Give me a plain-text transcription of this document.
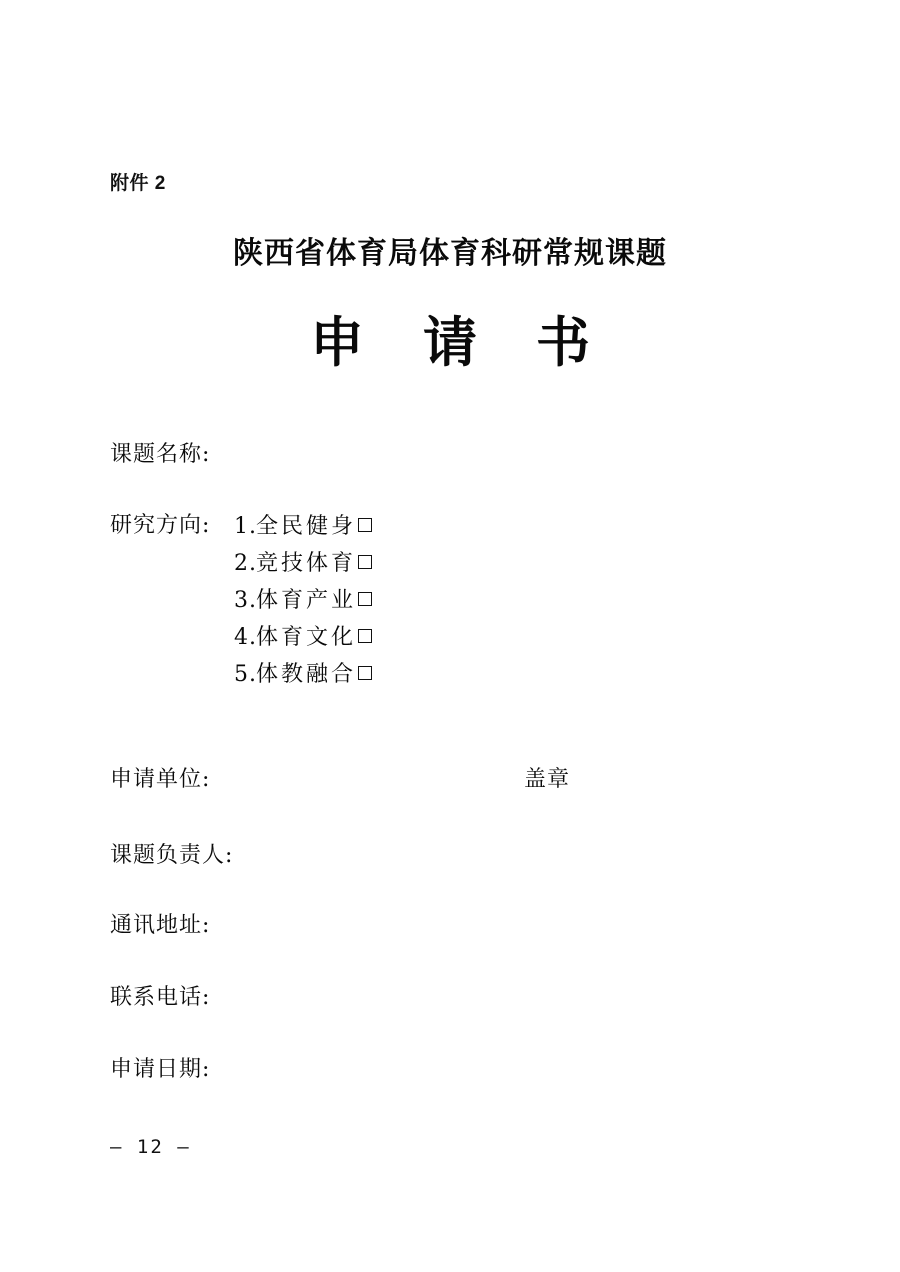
附件 2
陕西省体育局体育科研常规课题
申 请 书
课题名称:
研究方向: 1.全民健身
2.竞技体育
3.体育产业
4.体育文化
5.体教融合
申请单位:	盖章
课题负责人:
通讯地址:
联系电话:
申请日期:
– 12 –
